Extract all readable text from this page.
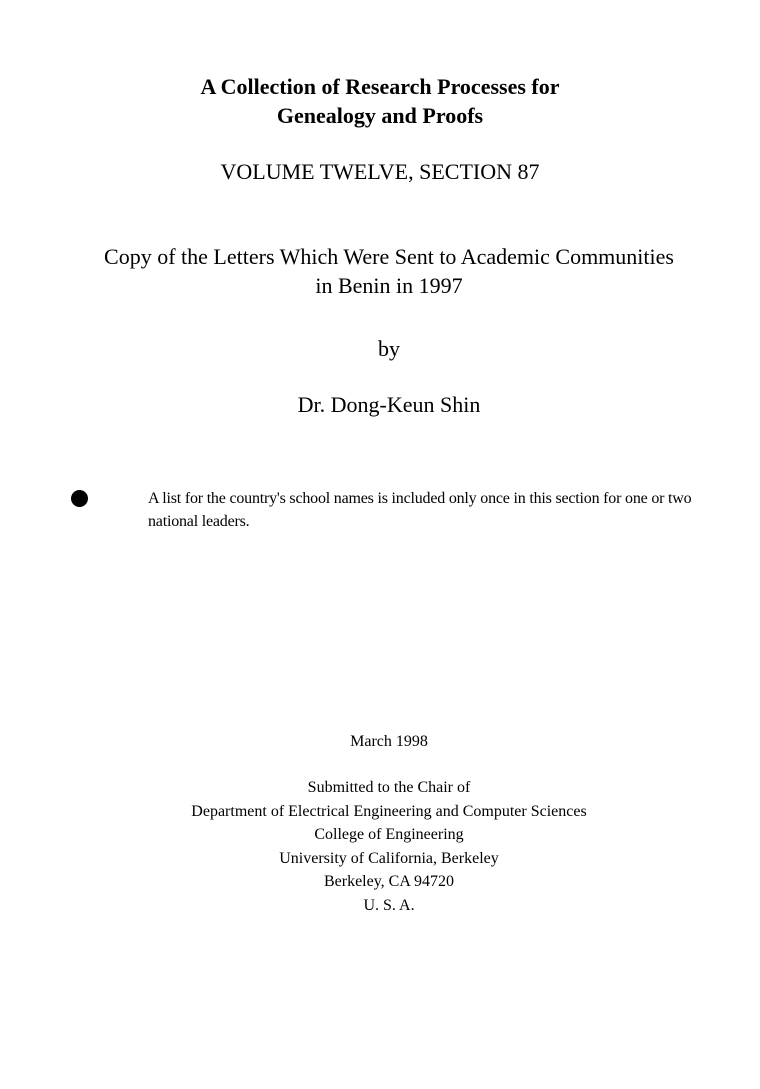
A Collection of Research Processes for
Genealogy and Proofs
VOLUME TWELVE, SECTION 87
Copy of the Letters Which Were Sent to Academic Communities
in Benin in 1997
by
Dr. Dong-Keun Shin
A list for the country's school names is included only once in this section for one or two national leaders.
March 1998
Submitted to the Chair of
Department of Electrical Engineering and Computer Sciences
College of Engineering
University of California, Berkeley
Berkeley, CA 94720
U. S. A.
